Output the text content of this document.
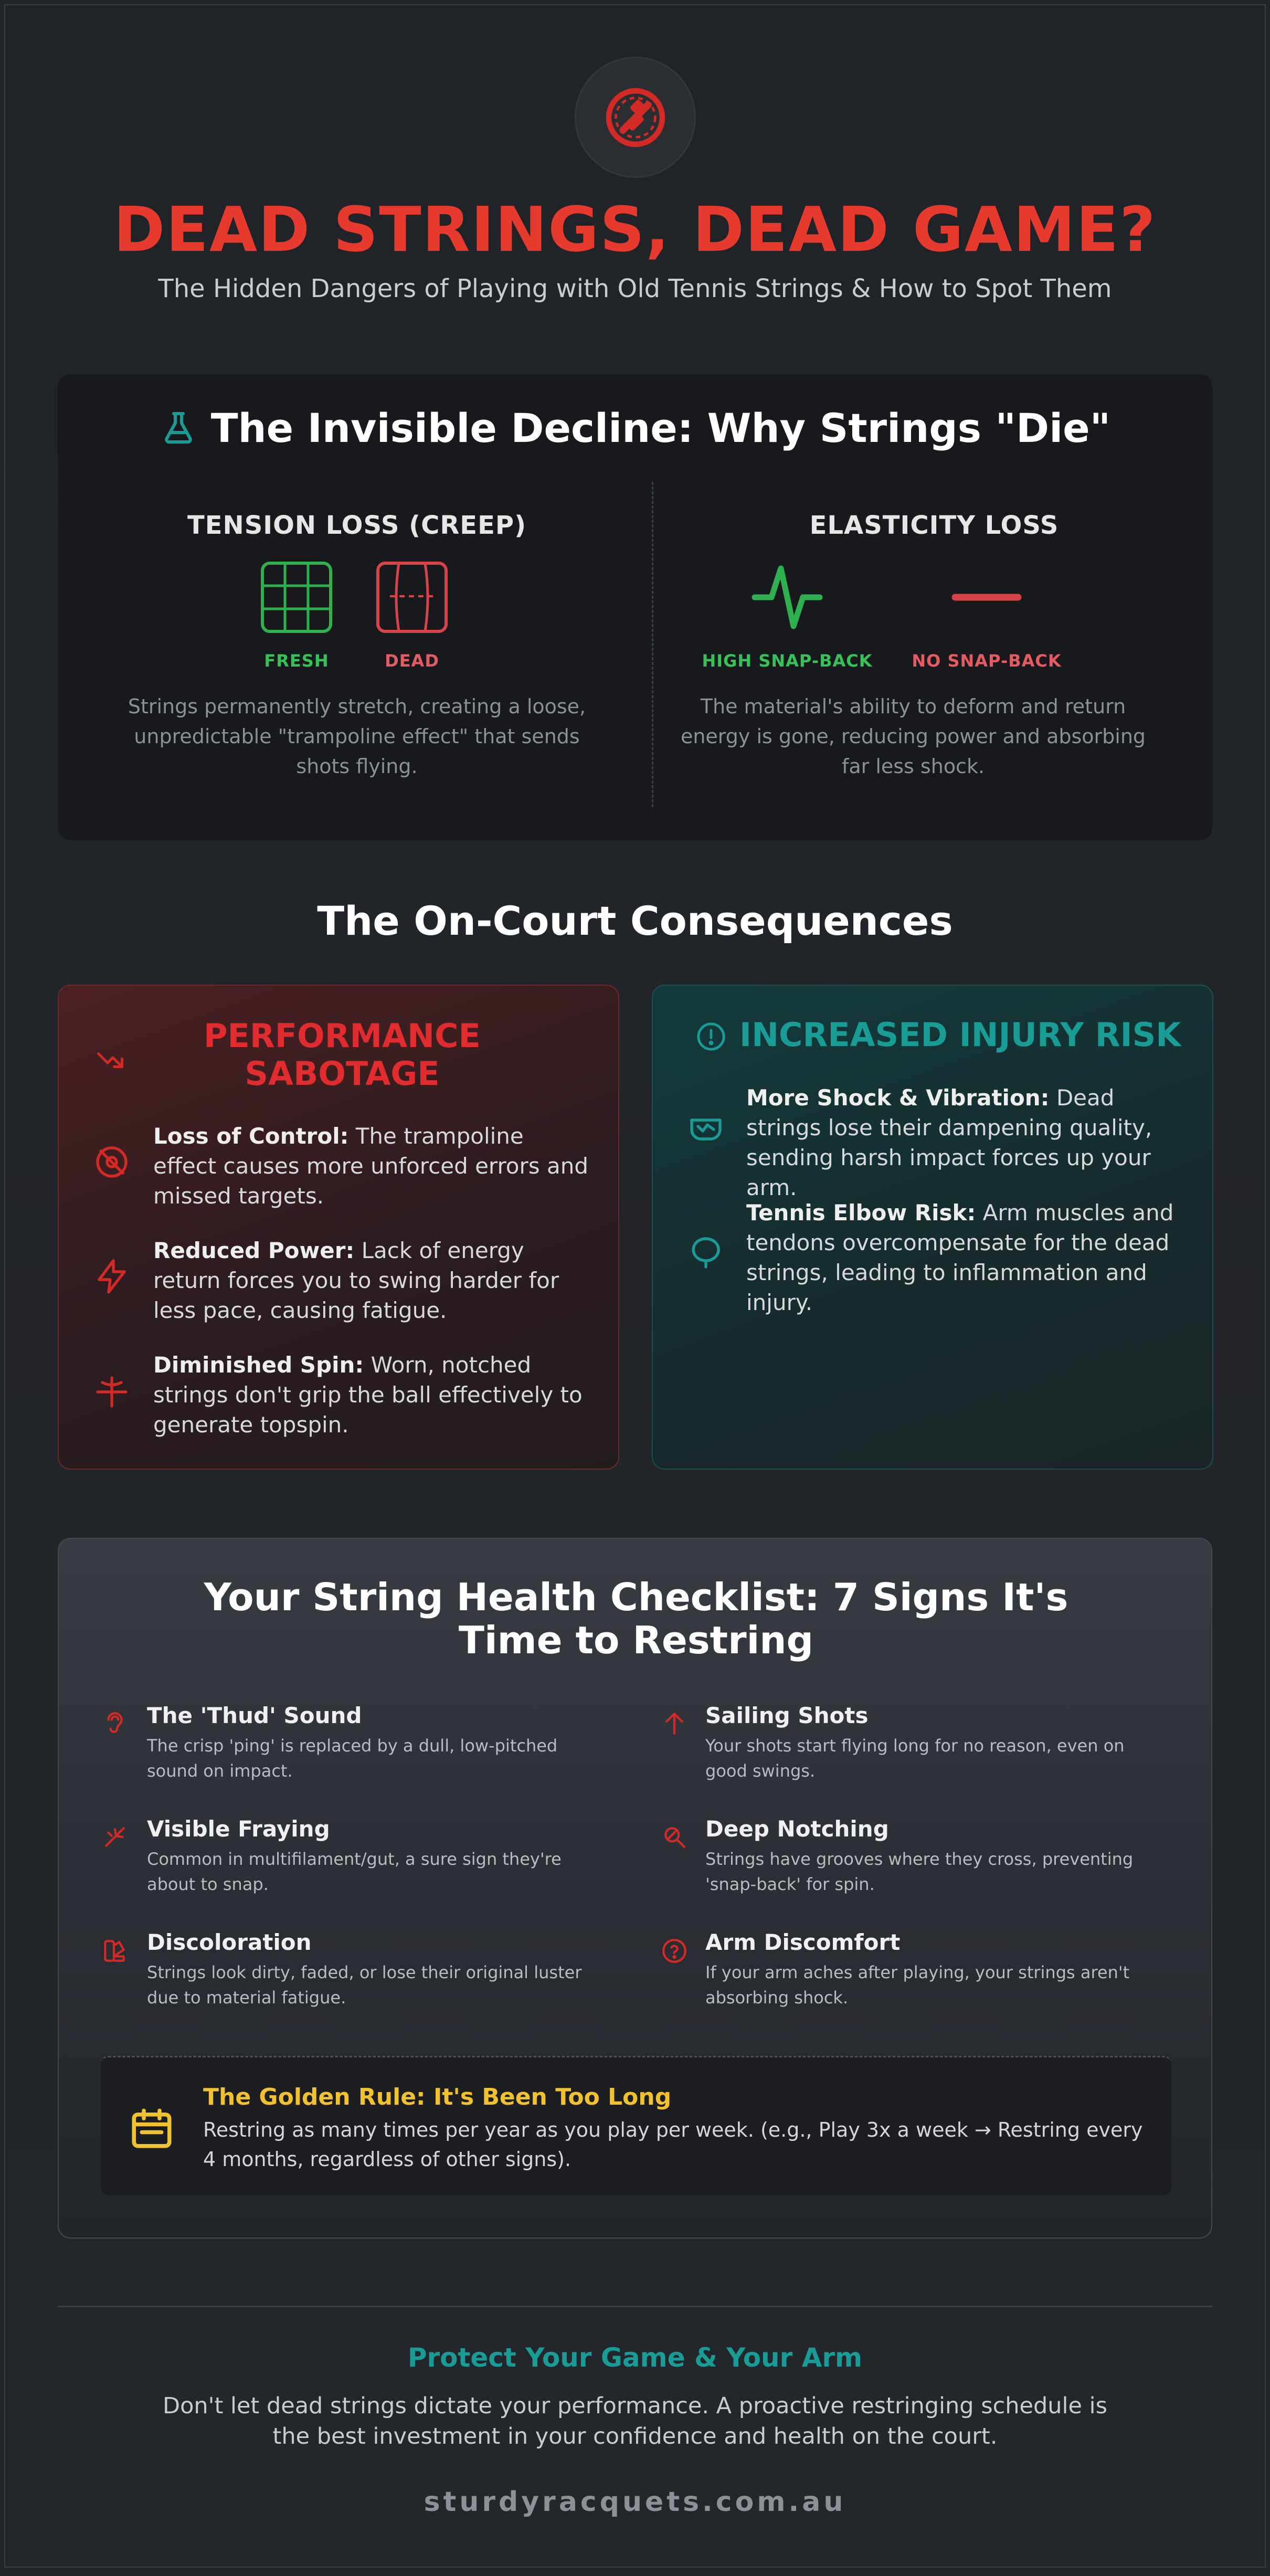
DEAD STRINGS, DEAD GAME?
The Hidden Dangers of Playing with Old Tennis Strings & How to Spot Them
The Invisible Decline: Why Strings "Die"
TENSION LOSS (CREEP)
FRESH	DEAD
Strings permanently stretch, creating a loose, unpredictable "trampoline effect" that sends shots flying.
ELASTICITY LOSS
HIGH SNAP-BACK	NO SNAP-BACK
The material's ability to deform and return energy is gone, reducing power and absorbing far less shock.
The On-Court Consequences
PERFORMANCE SABOTAGE
Loss of Control: The trampoline effect causes more unforced errors and missed targets.
Reduced Power: Lack of energy return forces you to swing harder for less pace, causing fatigue.
Diminished Spin: Worn, notched strings don't grip the ball effectively to generate topspin.
INCREASED INJURY RISK
More Shock & Vibration: Dead strings lose their dampening quality, sending harsh impact forces up your arm.
Tennis Elbow Risk: Arm muscles and tendons overcompensate for the dead strings, leading to inflammation and injury.
Your String Health Checklist: 7 Signs It's Time to Restring
The 'Thud' Sound
The crisp 'ping' is replaced by a dull, low-pitched sound on impact.
Sailing Shots
Your shots start flying long for no reason, even on good swings.
Visible Fraying
Common in multifilament/gut, a sure sign they're about to snap.
Deep Notching
Strings have grooves where they cross, preventing 'snap-back' for spin.
Discoloration
Strings look dirty, faded, or lose their original luster due to material fatigue.
Arm Discomfort
If your arm aches after playing, your strings aren't absorbing shock.
The Golden Rule: It's Been Too Long
Restring as many times per year as you play per week. (e.g., Play 3x a week → Restring every 4 months, regardless of other signs).
Protect Your Game & Your Arm
Don't let dead strings dictate your performance. A proactive restringing schedule is the best investment in your confidence and health on the court.
sturdyracquets.com.au
